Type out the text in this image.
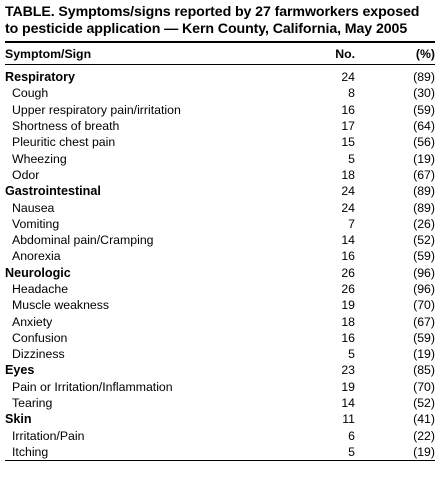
TABLE. Symptoms/signs reported by 27 farmworkers exposed to pesticide application — Kern County, California, May 2005
Symptom/Sign	No.	(%)

Respiratory	24	(89)
Cough	8	(30)
Upper respiratory pain/irritation	16	(59)
Shortness of breath	17	(64)
Pleuritic chest pain	15	(56)
Wheezing	5	(19)
Odor	18	(67)
Gastrointestinal	24	(89)
Nausea	24	(89)
Vomiting	7	(26)
Abdominal pain/Cramping	14	(52)
Anorexia	16	(59)
Neurologic	26	(96)
Headache	26	(96)
Muscle weakness	19	(70)
Anxiety	18	(67)
Confusion	16	(59)
Dizziness	5	(19)
Eyes	23	(85)
Pain or Irritation/Inflammation	19	(70)
Tearing	14	(52)
Skin	11	(41)
Irritation/Pain	6	(22)
Itching	5	(19)
